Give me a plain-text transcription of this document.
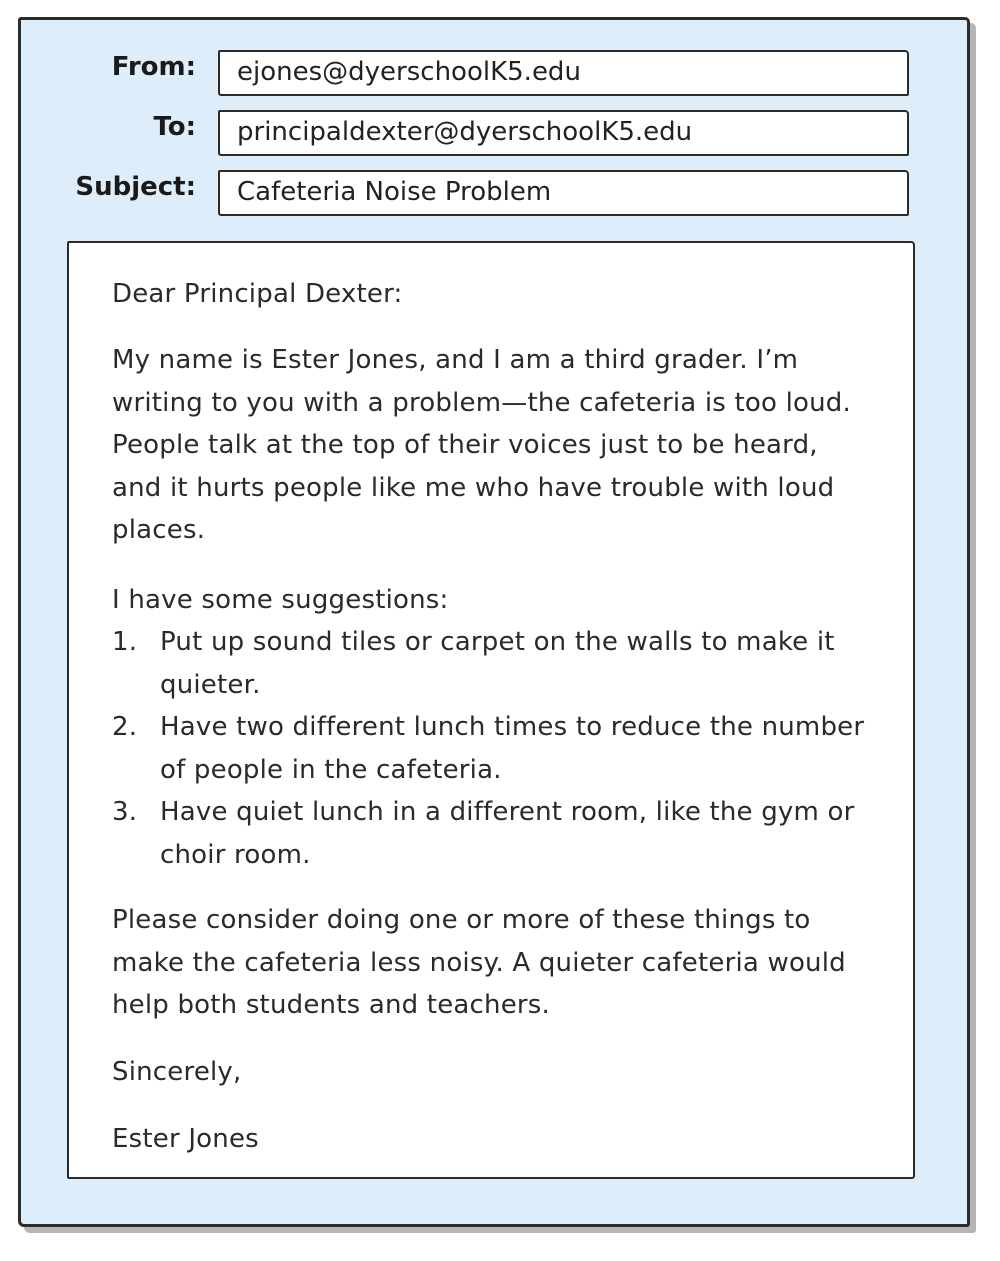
From:	ejones@dyerschoolK5.edu
To:	principaldexter@dyerschoolK5.edu
Subject:	Cafeteria Noise Problem
Dear Principal Dexter:
My name is Ester Jones, and I am a third grader. I’m writing to you with a problem—the cafeteria is too loud. People talk at the top of their voices just to be heard, and it hurts people like me who have trouble with loud places.
I have some suggestions:
1. Put up sound tiles or carpet on the walls to make it quieter.
2. Have two different lunch times to reduce the number of people in the cafeteria.
3. Have quiet lunch in a different room, like the gym or choir room.
Please consider doing one or more of these things to make the cafeteria less noisy. A quieter cafeteria would help both students and teachers.
Sincerely,
Ester Jones
